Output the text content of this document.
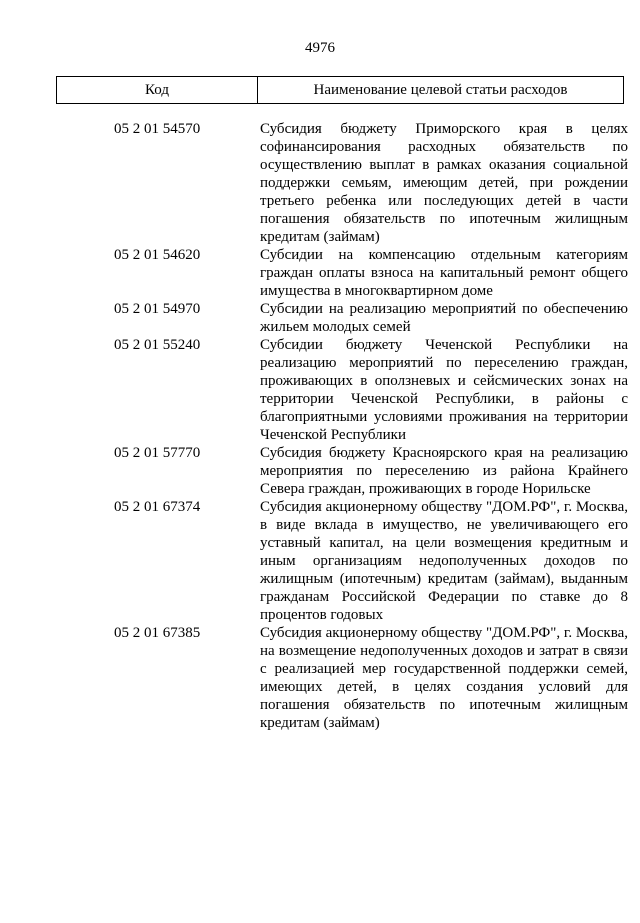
4976
Код	Наименование целевой статьи расходов
05 2 01 54570	Субсидия бюджету Приморского края в целях софинансирования расходных обязательств по осуществлению выплат в рамках оказания социальной поддержки семьям, имеющим детей, при рождении третьего ребенка или последующих детей в части погашения обязательств по ипотечным жилищным кредитам (займам)
05 2 01 54620	Субсидии на компенсацию отдельным категориям граждан оплаты взноса на капитальный ремонт общего имущества в многоквартирном доме
05 2 01 54970	Субсидии на реализацию мероприятий по обеспечению жильем молодых семей
05 2 01 55240	Субсидии бюджету Чеченской Республики на реализацию мероприятий по переселению граждан, проживающих в оползневых и сейсмических зонах на территории Чеченской Республики, в районы с благоприятными условиями проживания на территории Чеченской Республики
05 2 01 57770	Субсидия бюджету Красноярского края на реализацию мероприятия по переселению из района Крайнего Севера граждан, проживающих в городе Норильске
05 2 01 67374	Субсидия акционерному обществу "ДОМ.РФ", г. Москва, в виде вклада в имущество, не увеличивающего его уставный капитал, на цели возмещения кредитным и иным организациям недополученных доходов по жилищным (ипотечным) кредитам (займам), выданным гражданам Российской Федерации по ставке до 8 процентов годовых
05 2 01 67385	Субсидия акционерному обществу "ДОМ.РФ", г. Москва, на возмещение недополученных доходов и затрат в связи с реализацией мер государственной поддержки семей, имеющих детей, в целях создания условий для погашения обязательств по ипотечным жилищным кредитам (займам)
